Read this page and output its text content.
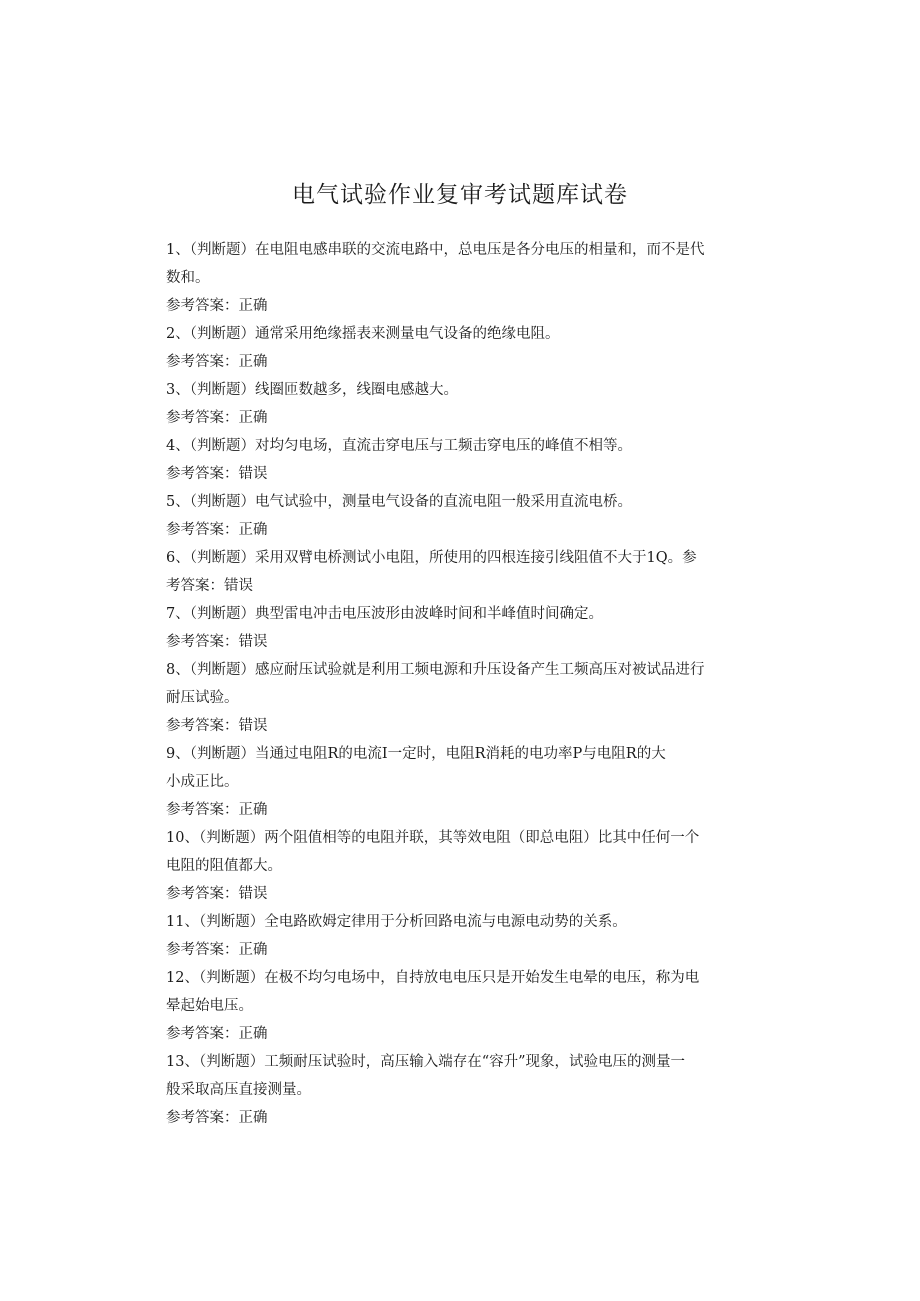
电气试验作业复审考试题库试卷
1、（判断题）在电阻电感串联的交流电路中，总电压是各分电压的相量和，而不是代
数和。
参考答案：正确
2、（判断题）通常采用绝缘摇表来测量电气设备的绝缘电阻。
参考答案：正确
3、（判断题）线圈匝数越多，线圈电感越大。
参考答案：正确
4、（判断题）对均匀电场，直流击穿电压与工频击穿电压的峰值不相等。
参考答案：错误
5、（判断题）电气试验中，测量电气设备的直流电阻一般采用直流电桥。
参考答案：正确
6、（判断题）采用双臂电桥测试小电阻，所使用的四根连接引线阻值不大于1Q。参
考答案：错误
7、（判断题）典型雷电冲击电压波形由波峰时间和半峰值时间确定。
参考答案：错误
8、（判断题）感应耐压试验就是利用工频电源和升压设备产生工频高压对被试品进行
耐压试验。
参考答案：错误
9、（判断题）当通过电阻R的电流I一定时，电阻R消耗的电功率P与电阻R的大
小成正比。
参考答案：正确
10、（判断题）两个阻值相等的电阻并联，其等效电阻（即总电阻）比其中任何一个
电阻的阻值都大。
参考答案：错误
11、（判断题）全电路欧姆定律用于分析回路电流与电源电动势的关系。
参考答案：正确
12、（判断题）在极不均匀电场中，自持放电电压只是开始发生电晕的电压，称为电
晕起始电压。
参考答案：正确
13、（判断题）工频耐压试验时，高压输入端存在“容升”现象，试验电压的测量一
般采取高压直接测量。
参考答案：正确
